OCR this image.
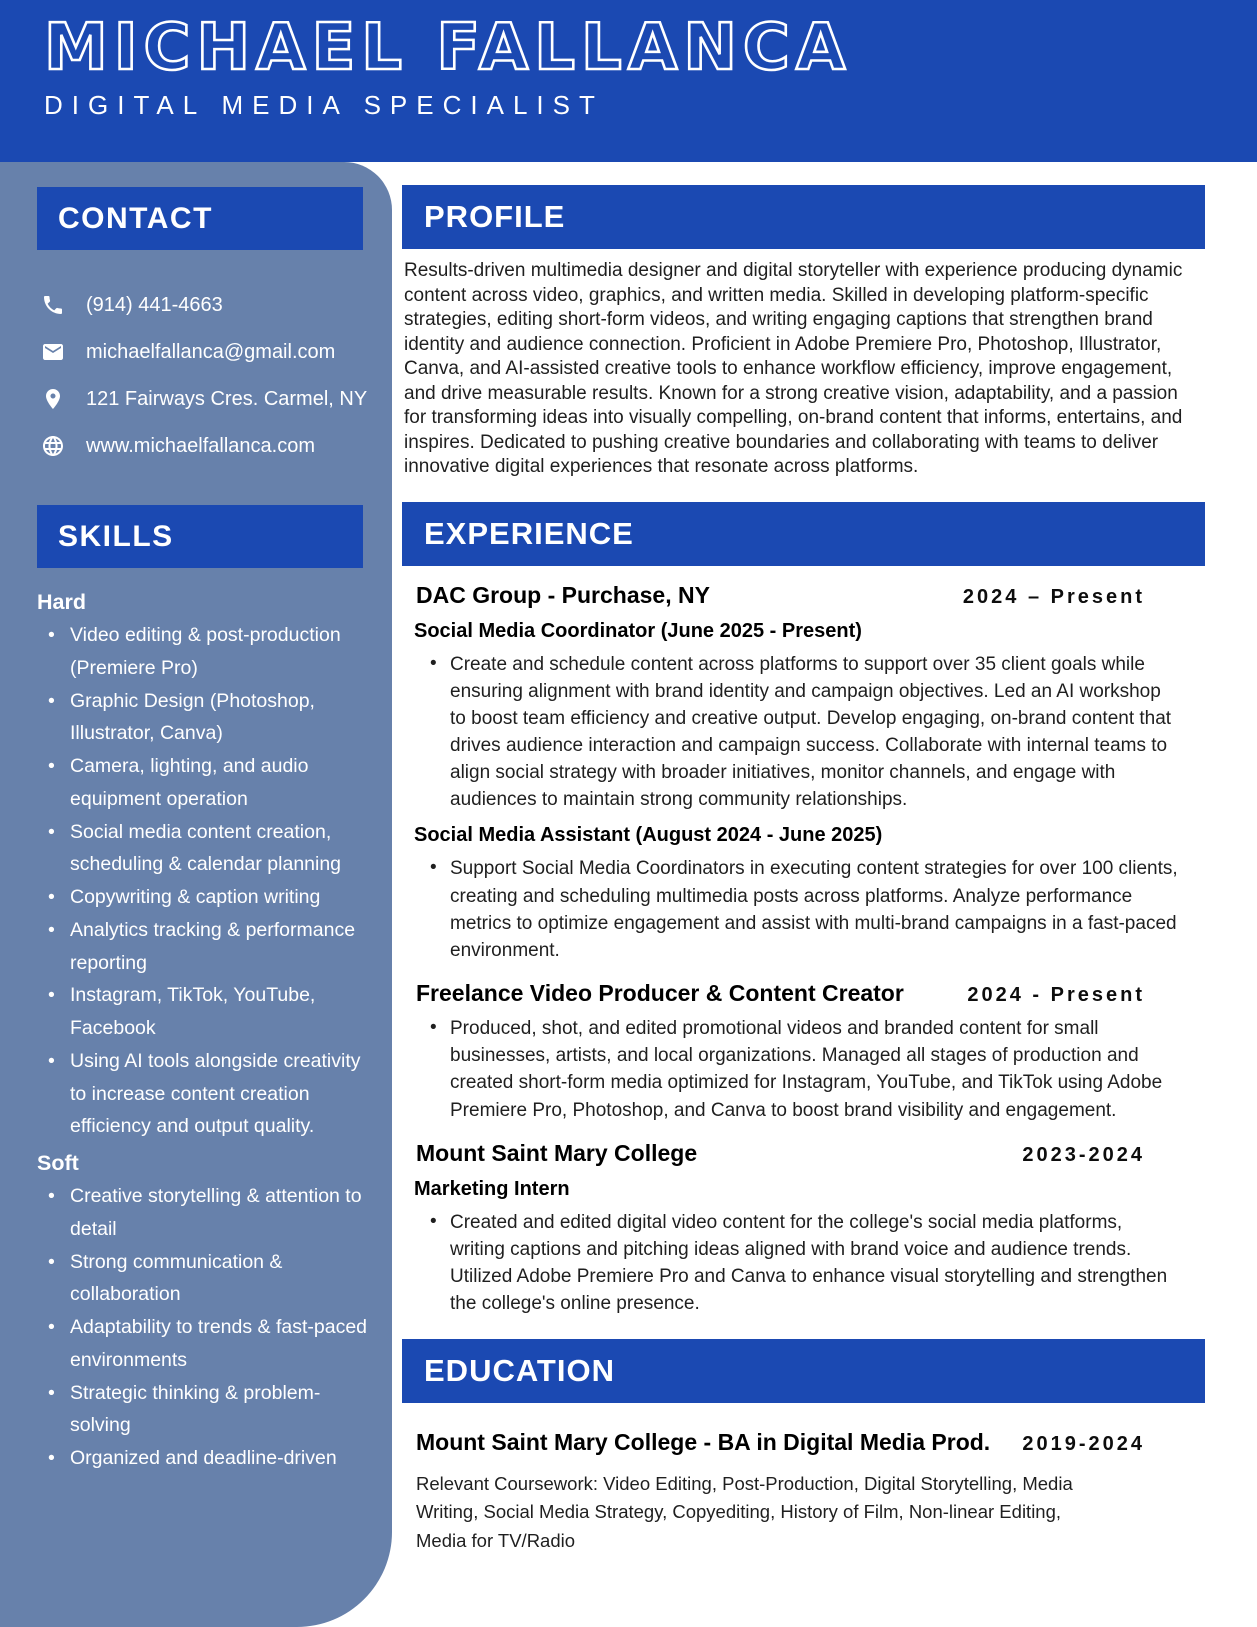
MICHAEL FALLANCA
DIGITAL MEDIA SPECIALIST
CONTACT
(914) 441-4663
michaelfallanca@gmail.com
121 Fairways Cres. Carmel, NY
www.michaelfallanca.com
SKILLS
Hard
• Video editing & post-production (Premiere Pro)
• Graphic Design (Photoshop, Illustrator, Canva)
• Camera, lighting, and audio equipment operation
• Social media content creation, scheduling & calendar planning
• Copywriting & caption writing
• Analytics tracking & performance reporting
• Instagram, TikTok, YouTube, Facebook
• Using AI tools alongside creativity to increase content creation efficiency and output quality.
Soft
• Creative storytelling & attention to detail
• Strong communication & collaboration
• Adaptability to trends & fast-paced environments
• Strategic thinking & problem-solving
• Organized and deadline-driven
PROFILE
Results-driven multimedia designer and digital storyteller with experience producing dynamic content across video, graphics, and written media. Skilled in developing platform-specific strategies, editing short-form videos, and writing engaging captions that strengthen brand identity and audience connection. Proficient in Adobe Premiere Pro, Photoshop, Illustrator, Canva, and AI-assisted creative tools to enhance workflow efficiency, improve engagement, and drive measurable results. Known for a strong creative vision, adaptability, and a passion for transforming ideas into visually compelling, on-brand content that informs, entertains, and inspires. Dedicated to pushing creative boundaries and collaborating with teams to deliver innovative digital experiences that resonate across platforms.
EXPERIENCE
DAC Group - Purchase, NY	2024 – Present
Social Media Coordinator (June 2025 - Present)
• Create and schedule content across platforms to support over 35 client goals while ensuring alignment with brand identity and campaign objectives. Led an AI workshop to boost team efficiency and creative output. Develop engaging, on-brand content that drives audience interaction and campaign success. Collaborate with internal teams to align social strategy with broader initiatives, monitor channels, and engage with audiences to maintain strong community relationships.
Social Media Assistant (August 2024 - June 2025)
• Support Social Media Coordinators in executing content strategies for over 100 clients, creating and scheduling multimedia posts across platforms. Analyze performance metrics to optimize engagement and assist with multi-brand campaigns in a fast-paced environment.
Freelance Video Producer & Content Creator	2024 - Present
• Produced, shot, and edited promotional videos and branded content for small businesses, artists, and local organizations. Managed all stages of production and created short-form media optimized for Instagram, YouTube, and TikTok using Adobe Premiere Pro, Photoshop, and Canva to boost brand visibility and engagement.
Mount Saint Mary College	2023-2024
Marketing Intern
• Created and edited digital video content for the college's social media platforms, writing captions and pitching ideas aligned with brand voice and audience trends. Utilized Adobe Premiere Pro and Canva to enhance visual storytelling and strengthen the college's online presence.
EDUCATION
Mount Saint Mary College - BA in Digital Media Prod. 2019-2024
Relevant Coursework: Video Editing, Post-Production, Digital Storytelling, Media Writing, Social Media Strategy, Copyediting, History of Film, Non-linear Editing, Media for TV/Radio
